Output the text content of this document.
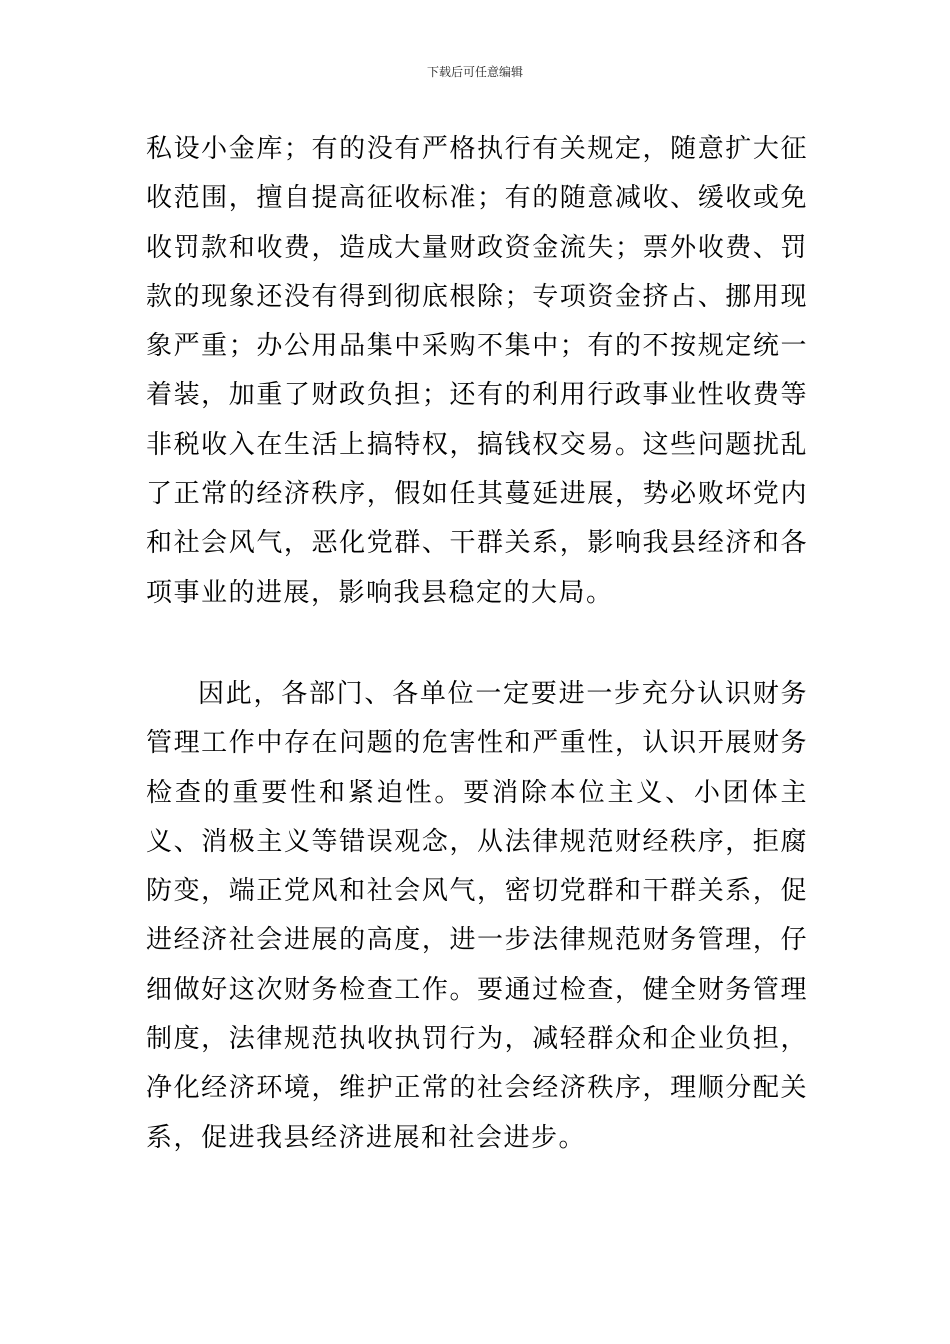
下载后可任意编辑

私设小金库；有的没有严格执行有关规定，随意扩大征收范围，擅自提高征收标准；有的随意减收、缓收或免收罚款和收费，造成大量财政资金流失；票外收费、罚款的现象还没有得到彻底根除；专项资金挤占、挪用现象严重；办公用品集中采购不集中；有的不按规定统一着装，加重了财政负担；还有的利用行政事业性收费等非税收入在生活上搞特权，搞钱权交易。这些问题扰乱了正常的经济秩序，假如任其蔓延进展，势必败坏党内和社会风气，恶化党群、干群关系，影响我县经济和各项事业的进展，影响我县稳定的大局。

因此，各部门、各单位一定要进一步充分认识财务管理工作中存在问题的危害性和严重性，认识开展财务检查的重要性和紧迫性。要消除本位主义、小团体主义、消极主义等错误观念，从法律规范财经秩序，拒腐防变，端正党风和社会风气，密切党群和干群关系，促进经济社会进展的高度，进一步法律规范财务管理，仔细做好这次财务检查工作。要通过检查，健全财务管理制度，法律规范执收执罚行为，减轻群众和企业负担，净化经济环境，维护正常的社会经济秩序，理顺分配关系，促进我县经济进展和社会进步。
